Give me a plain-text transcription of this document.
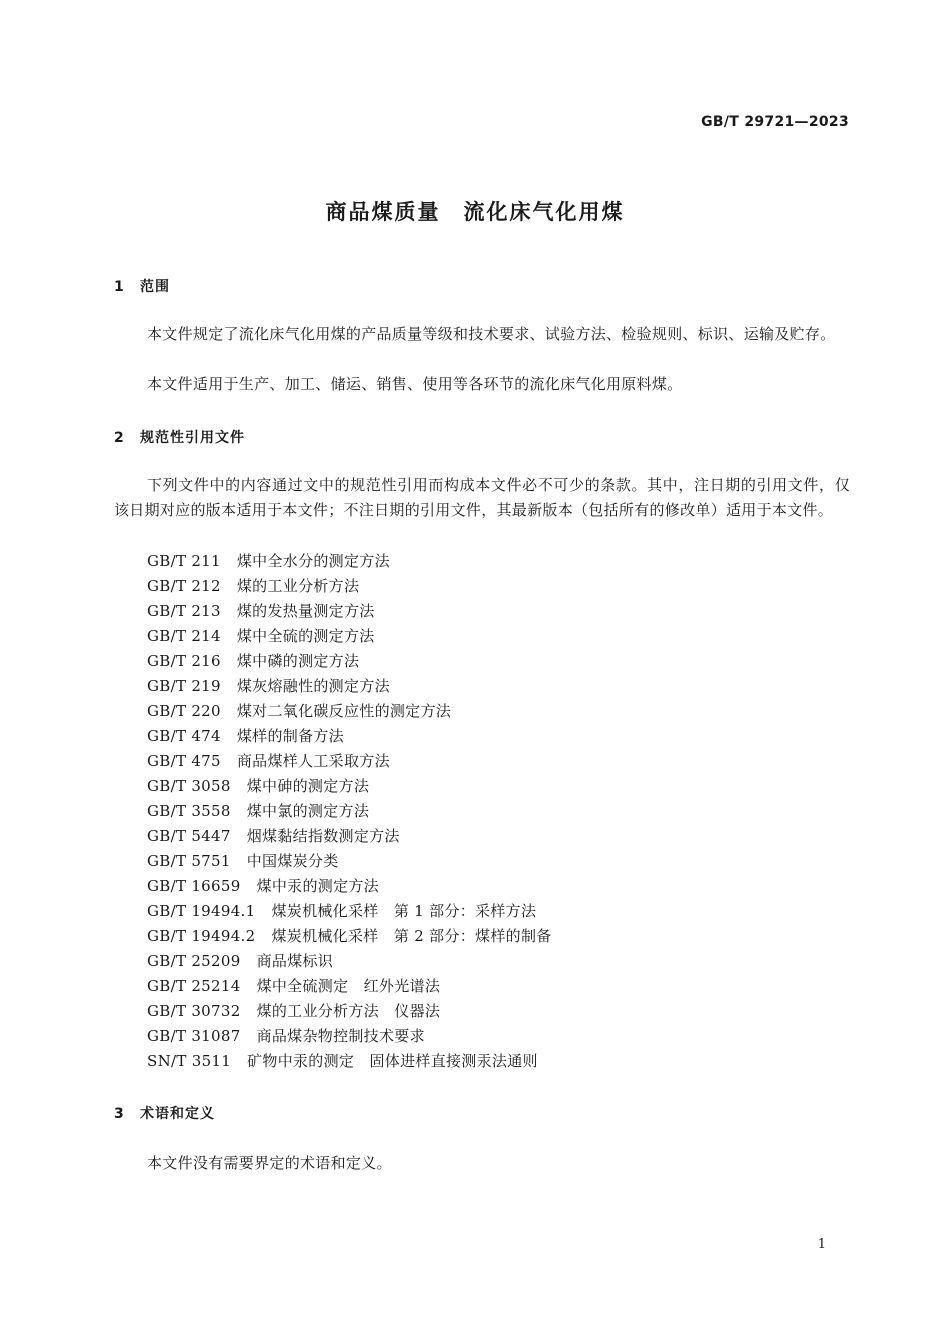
GB/T 29721—2023
商品煤质量　流化床气化用煤
1 范围

本文件规定了流化床气化用煤的产品质量等级和技术要求、试验方法、检验规则、标识、运输及贮存。

本文件适用于生产、加工、储运、销售、使用等各环节的流化床气化用原料煤。

2 规范性引用文件

下列文件中的内容通过文中的规范性引用而构成本文件必不可少的条款。其中，注日期的引用文件，仅该日期对应的版本适用于本文件；不注日期的引用文件，其最新版本（包括所有的修改单）适用于本文件。

GB/T 211 煤中全水分的测定方法
GB/T 212 煤的工业分析方法
GB/T 213 煤的发热量测定方法
GB/T 214 煤中全硫的测定方法
GB/T 216 煤中磷的测定方法
GB/T 219 煤灰熔融性的测定方法
GB/T 220 煤对二氧化碳反应性的测定方法
GB/T 474 煤样的制备方法
GB/T 475 商品煤样人工采取方法
GB/T 3058 煤中砷的测定方法
GB/T 3558 煤中氯的测定方法
GB/T 5447 烟煤黏结指数测定方法
GB/T 5751 中国煤炭分类
GB/T 16659 煤中汞的测定方法
GB/T 19494.1 煤炭机械化采样　第 1 部分：采样方法
GB/T 19494.2 煤炭机械化采样　第 2 部分：煤样的制备
GB/T 25209 商品煤标识
GB/T 25214 煤中全硫测定　红外光谱法
GB/T 30732 煤的工业分析方法　仪器法
GB/T 31087 商品煤杂物控制技术要求
SN/T 3511 矿物中汞的测定　固体进样直接测汞法通则
3 术语和定义

本文件没有需要界定的术语和定义。

1
